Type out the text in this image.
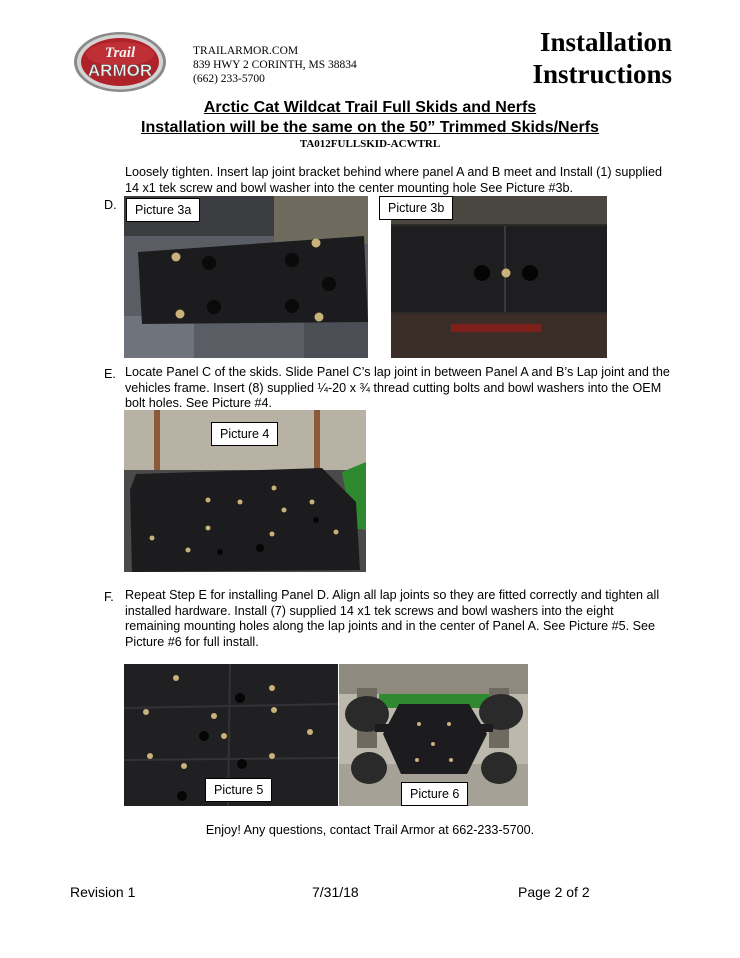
Trail
ARMOR
TRAILARMOR.COM
839 HWY 2 CORINTH, MS 38834
(662) 233-5700
Installation
Instructions
Arctic Cat Wildcat Trail Full Skids and Nerfs
Installation will be the same on the 50” Trimmed Skids/Nerfs
TA012FULLSKID-ACWTRL
Loosely tighten. Insert lap joint bracket behind where panel A and B meet and Install (1) supplied 14 x1 tek screw and bowl washer into the center mounting hole See Picture #3b.
D.	Picture 3a	Picture 3b
E. Locate Panel C of the skids. Slide Panel C’s lap joint in between Panel A and B’s Lap joint and the vehicles frame. Insert (8) supplied ¼-20 x ¾ thread cutting bolts and bowl washers into the OEM bolt holes. See Picture #4.
Picture 4
F. Repeat Step E for installing Panel D. Align all lap joints so they are fitted correctly and tighten all installed hardware. Install (7) supplied 14 x1 tek screws and bowl washers into the eight remaining mounting holes along the lap joints and in the center of Panel A. See Picture #5. See Picture #6 for full install.
Picture 5	Picture 6
Enjoy! Any questions, contact Trail Armor at 662-233-5700.
Revision 1	7/31/18	Page 2 of 2
